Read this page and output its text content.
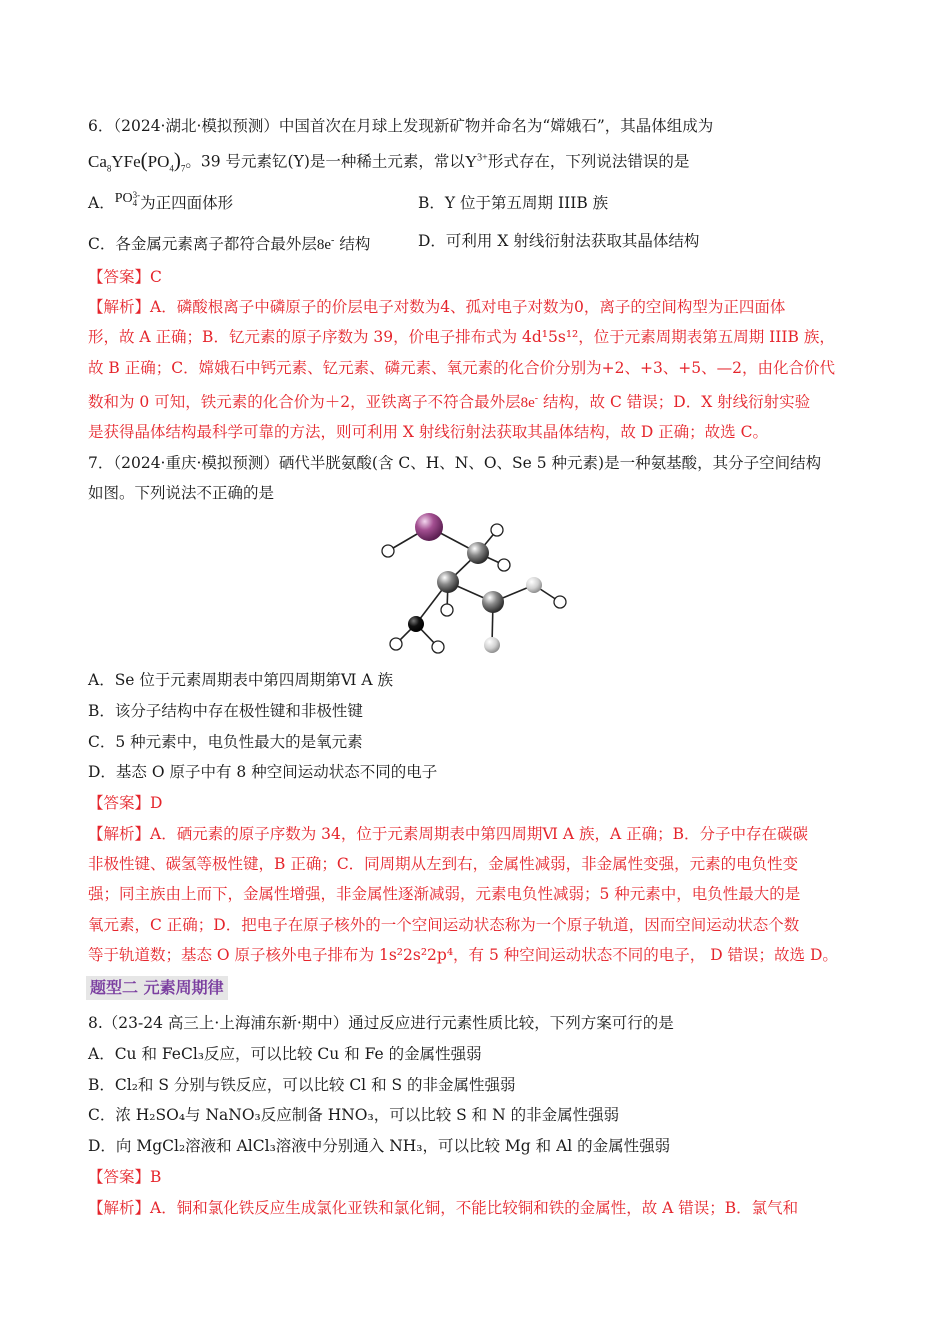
6．（2024·湖北·模拟预测）中国首次在月球上发现新矿物并命名为“嫦娥石”，其晶体组成为
$Ca_8YFe(PO_4)_7$。39 号元素钇(Y)是一种稀土元素，常以$Y^{3+}$形式存在，下列说法错误的是
A．PO3-
4 为正四面体形	B．Y 位于第五周期 IIIB 族
C．各金属元素离子都符合最外层8e- 结构	D．可利用 X 射线衍射法获取其晶体结构
【答案】C
【解析】A．磷酸根离子中磷原子的价层电子对数为4、孤对电子对数为0，离子的空间构型为正四面体
形，故 A 正确；B．钇元素的原子序数为 39，价电子排布式为 4d¹5s¹²，位于元素周期表第五周期 IIIB 族，
故 B 正确；C．嫦娥石中钙元素、钇元素、磷元素、氧元素的化合价分别为+2、+3、+5、—2，由化合价代
数和为 0 可知，铁元素的化合价为＋2，亚铁离子不符合最外层8e- 结构，故 C 错误；D．X 射线衍射实验
是获得晶体结构最科学可靠的方法，则可利用 X 射线衍射法获取其晶体结构，故 D 正确；故选 C。
7．（2024·重庆·模拟预测）硒代半胱氨酸(含 C、H、N、O、Se 5 种元素)是一种氨基酸，其分子空间结构
如图。下列说法不正确的是
A．Se 位于元素周期表中第四周期第Ⅵ A 族
B．该分子结构中存在极性键和非极性键
C．5 种元素中，电负性最大的是氧元素
D．基态 O 原子中有 8 种空间运动状态不同的电子
【答案】D
【解析】A．硒元素的原子序数为 34，位于元素周期表中第四周期Ⅵ A 族，A 正确；B．分子中存在碳碳
非极性键、碳氢等极性键，B 正确；C．同周期从左到右，金属性减弱，非金属性变强，元素的电负性变
强；同主族由上而下，金属性增强，非金属性逐渐减弱，元素电负性减弱；5 种元素中，电负性最大的是
氧元素，C 正确；D．把电子在原子核外的一个空间运动状态称为一个原子轨道，因而空间运动状态个数
等于轨道数；基态 O 原子核外电子排布为 1s²2s²2p⁴，有 5 种空间运动状态不同的电子， D 错误；故选 D。
题型二 元素周期律
8.（23-24 高三上·上海浦东新·期中）通过反应进行元素性质比较，下列方案可行的是
A．Cu 和 FeCl₃反应，可以比较 Cu 和 Fe 的金属性强弱
B．Cl₂和 S 分别与铁反应，可以比较 Cl 和 S 的非金属性强弱
C．浓 H₂SO₄与 NaNO₃反应制备 HNO₃，可以比较 S 和 N 的非金属性强弱
D．向 MgCl₂溶液和 AlCl₃溶液中分别通入 NH₃，可以比较 Mg 和 Al 的金属性强弱
【答案】B
【解析】A．铜和氯化铁反应生成氯化亚铁和氯化铜，不能比较铜和铁的金属性，故 A 错误；B．氯气和
